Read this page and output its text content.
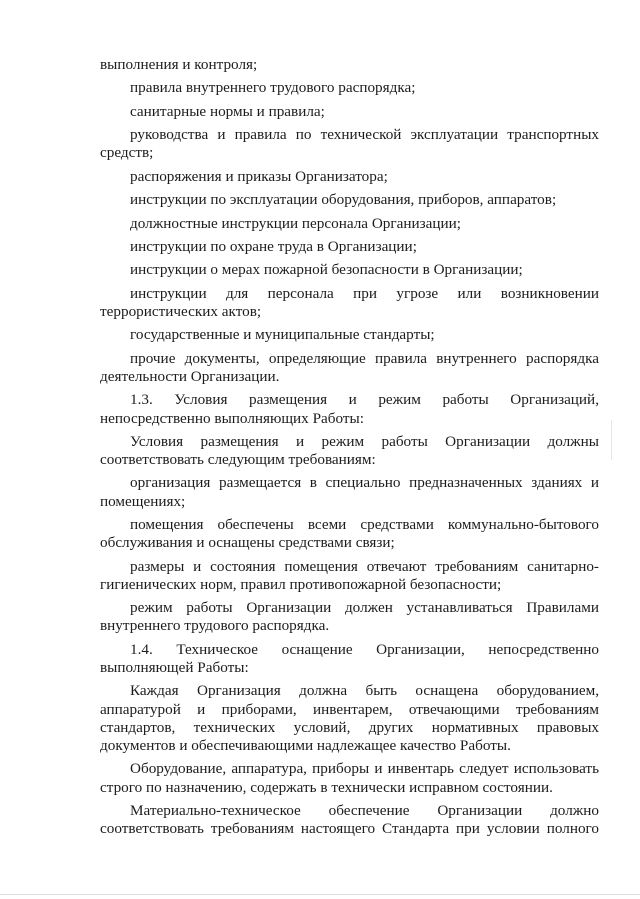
выполнения и контроля;

правила внутреннего трудового распорядка;

санитарные нормы и правила;

руководства и правила по технической эксплуатации транспортных средств;

распоряжения и приказы Организатора;

инструкции по эксплуатации оборудования, приборов, аппаратов;

должностные инструкции персонала Организации;

инструкции по охране труда в Организации;

инструкции о мерах пожарной безопасности в Организации;

инструкции для персонала при угрозе или возникновении террористических актов;

государственные и муниципальные стандарты;

прочие документы, определяющие правила внутреннего распорядка деятельности Организации.

1.3. Условия размещения и режим работы Организаций, непосредственно выполняющих Работы:

Условия размещения и режим работы Организации должны соответствовать следующим требованиям:

организация размещается в специально предназначенных зданиях и помещениях;

помещения обеспечены всеми средствами коммунально-бытового обслуживания и оснащены средствами связи;

размеры и состояния помещения отвечают требованиям санитарно-гигиенических норм, правил противопожарной безопасности;

режим работы Организации должен устанавливаться Правилами внутреннего трудового распорядка.

1.4. Техническое оснащение Организации, непосредственно выполняющей Работы:

Каждая Организация должна быть оснащена оборудованием, аппаратурой и приборами, инвентарем, отвечающими требованиям стандартов, технических условий, других нормативных правовых документов и обеспечивающими надлежащее качество Работы.

Оборудование, аппаратура, приборы и инвентарь следует использовать строго по назначению, содержать в технически исправном состоянии.

Материально-техническое обеспечение Организации должно соответствовать требованиям настоящего Стандарта при условии полного
